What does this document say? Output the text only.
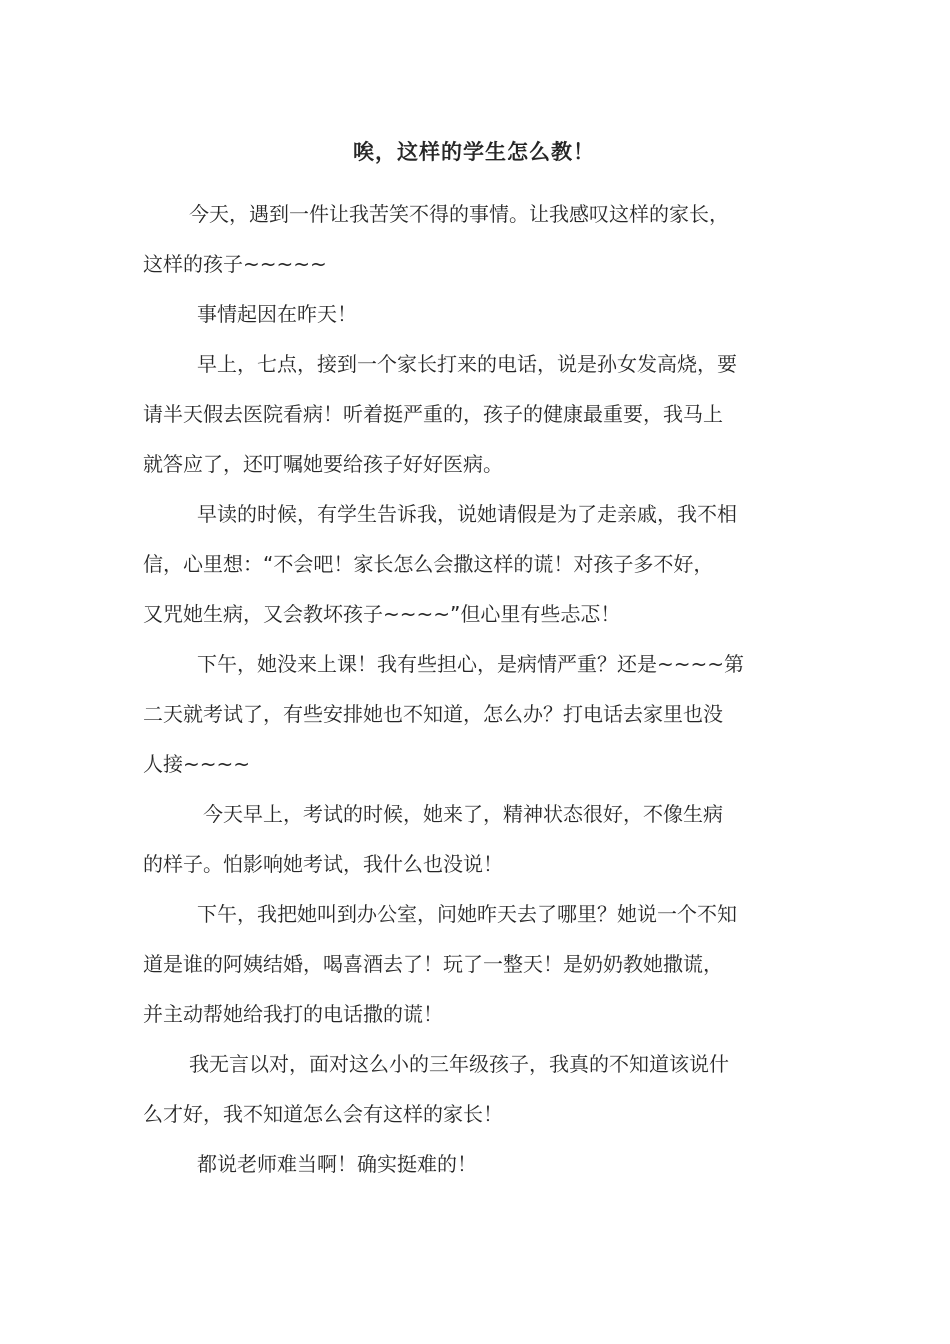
唉，这样的学生怎么教！
今天，遇到一件让我苦笑不得的事情。让我感叹这样的家长，
这样的孩子~~~~~
事情起因在昨天！
早上，七点，接到一个家长打来的电话，说是孙女发高烧，要
请半天假去医院看病！听着挺严重的，孩子的健康最重要，我马上
就答应了，还叮嘱她要给孩子好好医病。
早读的时候，有学生告诉我，说她请假是为了走亲戚，我不相
信，心里想：“不会吧！家长怎么会撒这样的谎！对孩子多不好，
又咒她生病，又会教坏孩子~~~~”但心里有些忐忑！
下午，她没来上课！我有些担心，是病情严重？还是~~~~第
二天就考试了，有些安排她也不知道，怎么办？打电话去家里也没
人接~~~~
今天早上，考试的时候，她来了，精神状态很好，不像生病
的样子。怕影响她考试，我什么也没说！
下午，我把她叫到办公室，问她昨天去了哪里？她说一个不知
道是谁的阿姨结婚，喝喜酒去了！玩了一整天！是奶奶教她撒谎，
并主动帮她给我打的电话撒的谎！
我无言以对，面对这么小的三年级孩子，我真的不知道该说什
么才好，我不知道怎么会有这样的家长！
都说老师难当啊！确实挺难的！
